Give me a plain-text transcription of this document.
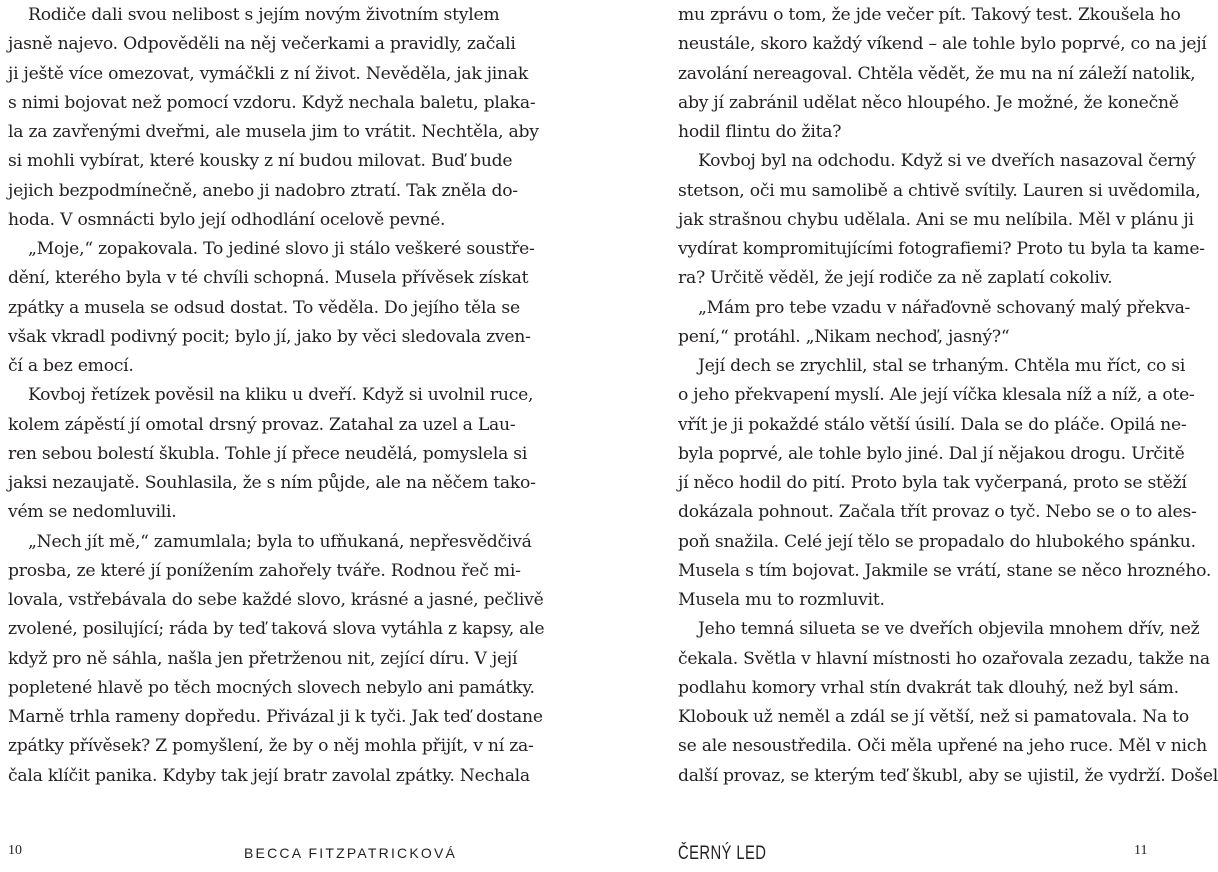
Rodiče dali svou nelibost s jejím novým životním stylem
jasně najevo. Odpověděli na něj večerkami a pravidly, začali
ji ještě více omezovat, vymáčkli z ní život. Nevěděla, jak jinak
s nimi bojovat než pomocí vzdoru. Když nechala baletu, plaka-
la za zavřenými dveřmi, ale musela jim to vrátit. Nechtěla, aby
si mohli vybírat, které kousky z ní budou milovat. Buď bude
jejich bezpodmínečně, anebo ji nadobro ztratí. Tak zněla do-
hoda. V osmnácti bylo její odhodlání ocelově pevné.
„Moje,“ zopakovala. To jediné slovo ji stálo veškeré soustře-
dění, kterého byla v té chvíli schopná. Musela přívěsek získat
zpátky a musela se odsud dostat. To věděla. Do jejího těla se
však vkradl podivný pocit; bylo jí, jako by věci sledovala zven-
čí a bez emocí.
Kovboj řetízek pověsil na kliku u dveří. Když si uvolnil ruce,
kolem zápěstí jí omotal drsný provaz. Zatahal za uzel a Lau-
ren sebou bolestí škubla. Tohle jí přece neudělá, pomyslela si
jaksi nezaujatě. Souhlasila, že s ním půjde, ale na něčem tako-
vém se nedomluvili.
„Nech jít mě,“ zamumlala; byla to ufňukaná, nepřesvědčivá
prosba, ze které jí ponížením zahořely tváře. Rodnou řeč mi-
lovala, vstřebávala do sebe každé slovo, krásné a jasné, pečlivě
zvolené, posilující; ráda by teď taková slova vytáhla z kapsy, ale
když pro ně sáhla, našla jen přetrženou nit, zející díru. V její
popletené hlavě po těch mocných slovech nebylo ani památky.
Marně trhla rameny dopředu. Přivázal ji k tyči. Jak teď dostane
zpátky přívěsek? Z pomyšlení, že by o něj mohla přijít, v ní za-
čala klíčit panika. Kdyby tak její bratr zavolal zpátky. Nechala
mu zprávu o tom, že jde večer pít. Takový test. Zkoušela ho
neustále, skoro každý víkend – ale tohle bylo poprvé, co na její
zavolání nereagoval. Chtěla vědět, že mu na ní záleží natolik,
aby jí zabránil udělat něco hloupého. Je možné, že konečně
hodil flintu do žita?
Kovboj byl na odchodu. Když si ve dveřích nasazoval černý
stetson, oči mu samolibě a chtivě svítily. Lauren si uvědomila,
jak strašnou chybu udělala. Ani se mu nelíbila. Měl v plánu ji
vydírat kompromitujícími fotografiemi? Proto tu byla ta kame-
ra? Určitě věděl, že její rodiče za ně zaplatí cokoliv.
„Mám pro tebe vzadu v nářaďovně schovaný malý překva-
pení,“ protáhl. „Nikam nechoď, jasný?“
Její dech se zrychlil, stal se trhaným. Chtěla mu říct, co si
o jeho překvapení myslí. Ale její víčka klesala níž a níž, a ote-
vřít je ji pokaždé stálo větší úsilí. Dala se do pláče. Opilá ne-
byla poprvé, ale tohle bylo jiné. Dal jí nějakou drogu. Určitě
jí něco hodil do pití. Proto byla tak vyčerpaná, proto se stěží
dokázala pohnout. Začala třít provaz o tyč. Nebo se o to ales-
poň snažila. Celé její tělo se propadalo do hlubokého spánku.
Musela s tím bojovat. Jakmile se vrátí, stane se něco hrozného.
Musela mu to rozmluvit.
Jeho temná silueta se ve dveřích objevila mnohem dřív, než
čekala. Světla v hlavní místnosti ho ozařovala zezadu, takže na
podlahu komory vrhal stín dvakrát tak dlouhý, než byl sám.
Klobouk už neměl a zdál se jí větší, než si pamatovala. Na to
se ale nesoustředila. Oči měla upřené na jeho ruce. Měl v nich
další provaz, se kterým teď škubl, aby se ujistil, že vydrží. Došel
10	BECCA FITZPATRICKOVÁ	ČERNÝ LED	11
